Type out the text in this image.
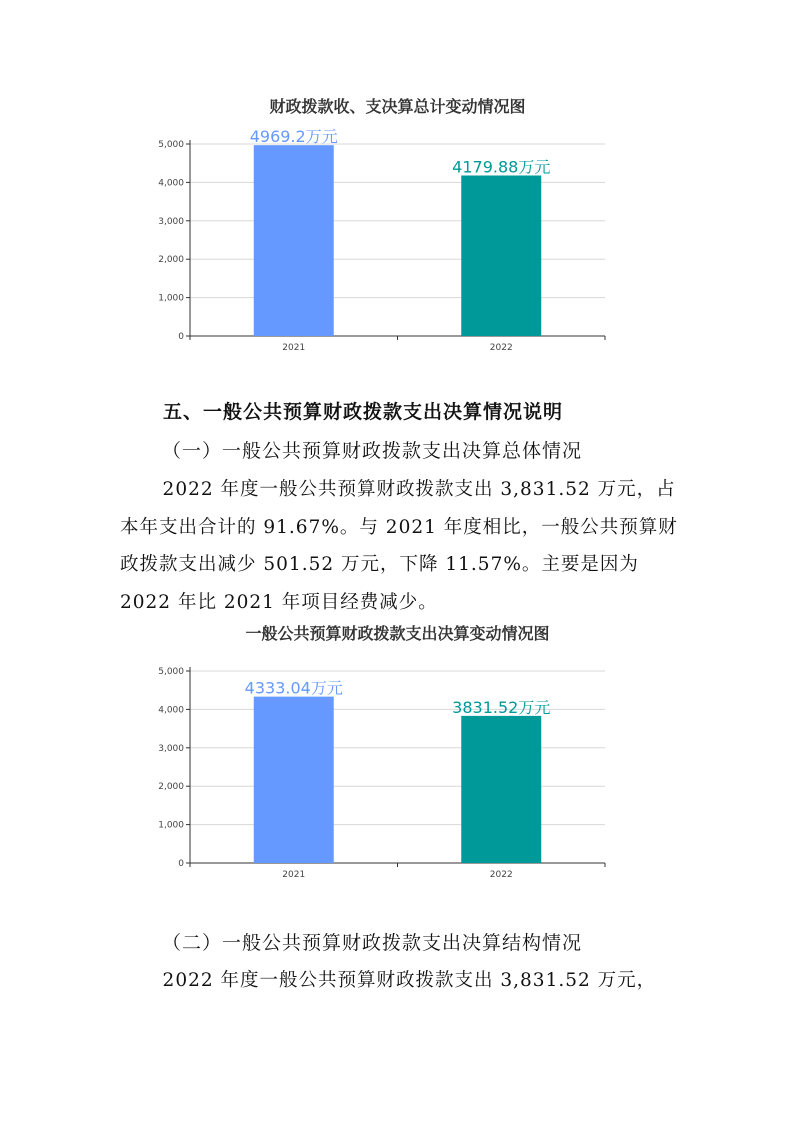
财政拨款收、支决算总计变动情况图
0
1,000
2,000
3,000
4,000
5,000	4969.2万元
2021
4179.88万元
2022
五、一般公共预算财政拨款支出决算情况说明
（一）一般公共预算财政拨款支出决算总体情况
2022 年度一般公共预算财政拨款支出 3,831.52 万元，占本年支出合计的 91.67%。与 2021 年度相比，一般公共预算财政拨款支出减少 501.52 万元，下降 11.57%。主要是因为 2022 年比 2021 年项目经费减少。
一般公共预算财政拨款支出决算变动情况图
0
1,000
2,000
3,000
4,000
5,000
4333.04万元
2021
3831.52万元
2022
（二）一般公共预算财政拨款支出决算结构情况
2022 年度一般公共预算财政拨款支出 3,831.52 万元，
